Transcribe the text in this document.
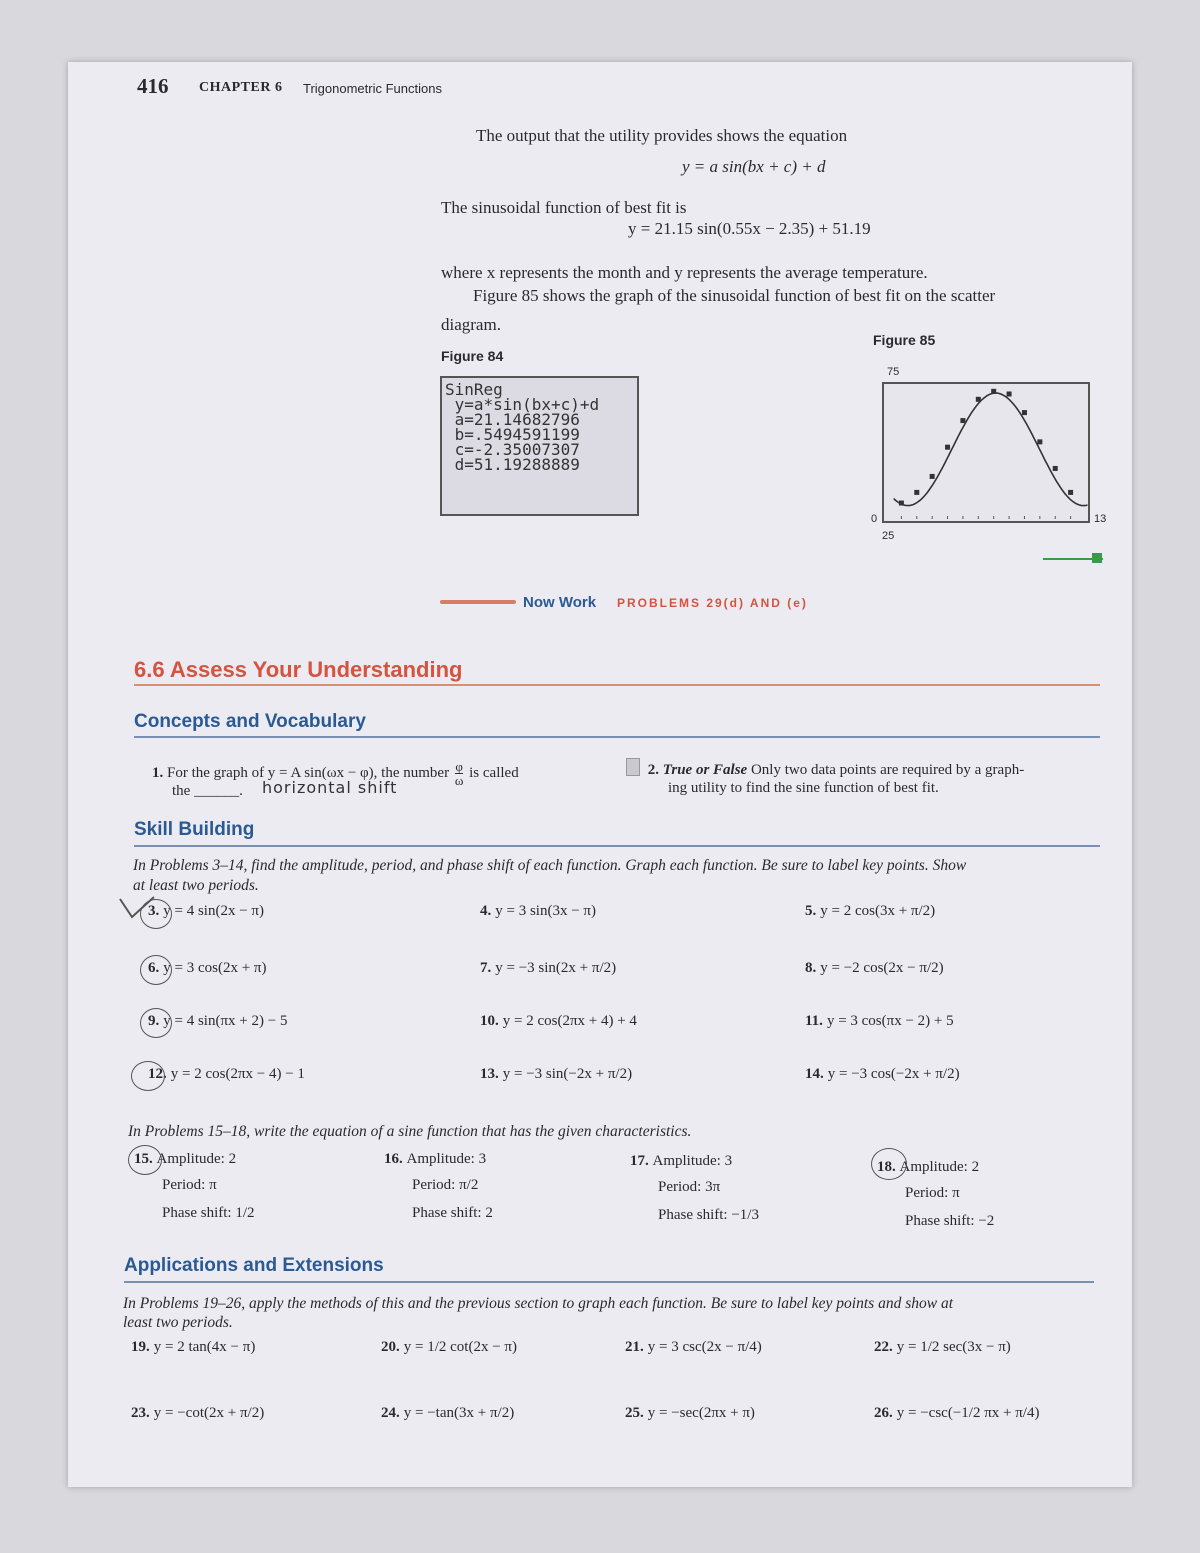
416 CHAPTER 6 Trigonometric Functions
The output that the utility provides shows the equation
y = a sin(bx + c) + d
The sinusoidal function of best fit is
y = 21.15 sin(0.55x − 2.35) + 51.19
where x represents the month and y represents the average temperature.
Figure 85 shows the graph of the sinusoidal function of best fit on the scatter
diagram.
Figure 84
SinReg
y=a*sin(bx+c)+d
a=21.14682796
b=.5494591199
c=-2.35007307
d=51.19288889
Figure 85
75
0	13
25
Now Work PROBLEMS 29(d) AND (e)
6.6 Assess Your Understanding
Concepts and Vocabulary
1. For the graph of y = A sin(ωx − φ), the number $\frac{\varphi}{\omega}$ is called
the ______. horizontal shift
2. True or False Only two data points are required by a graph-
ing utility to find the sine function of best fit.
Skill Building
In Problems 3–14, find the amplitude, period, and phase shift of each function. Graph each function. Be sure to label key points. Show
at least two periods.
3. y = 4 sin(2x − π)	4. y = 3 sin(3x − π)	5. y = 2 cos(3x + π/2)
6. y = 3 cos(2x + π)	7. y = −3 sin(2x + π/2)	8. y = −2 cos(2x − π/2)
9. y = 4 sin(πx + 2) − 5	10. y = 2 cos(2πx + 4) + 4	11. y = 3 cos(πx − 2) + 5
12. y = 2 cos(2πx − 4) − 1	13. y = −3 sin(−2x + π/2)	14. y = −3 cos(−2x + π/2)
In Problems 15–18, write the equation of a sine function that has the given characteristics.
15. Amplitude: 2
Period: π
Phase shift: 1/2
16. Amplitude: 3
Period: π/2
Phase shift: 2
17. Amplitude: 3
Period: 3π
Phase shift: −1/3
18. Amplitude: 2
Period: π
Phase shift: −2
Applications and Extensions
In Problems 19–26, apply the methods of this and the previous section to graph each function. Be sure to label key points and show at
least two periods.
19. y = 2 tan(4x − π)	20. y = 1/2 cot(2x − π)	21. y = 3 csc(2x − π/4)	22. y = 1/2 sec(3x − π)
23. y = −cot(2x + π/2)	24. y = −tan(3x + π/2)	25. y = −sec(2πx + π)	26. y = −csc(−1/2 πx + π/4)
